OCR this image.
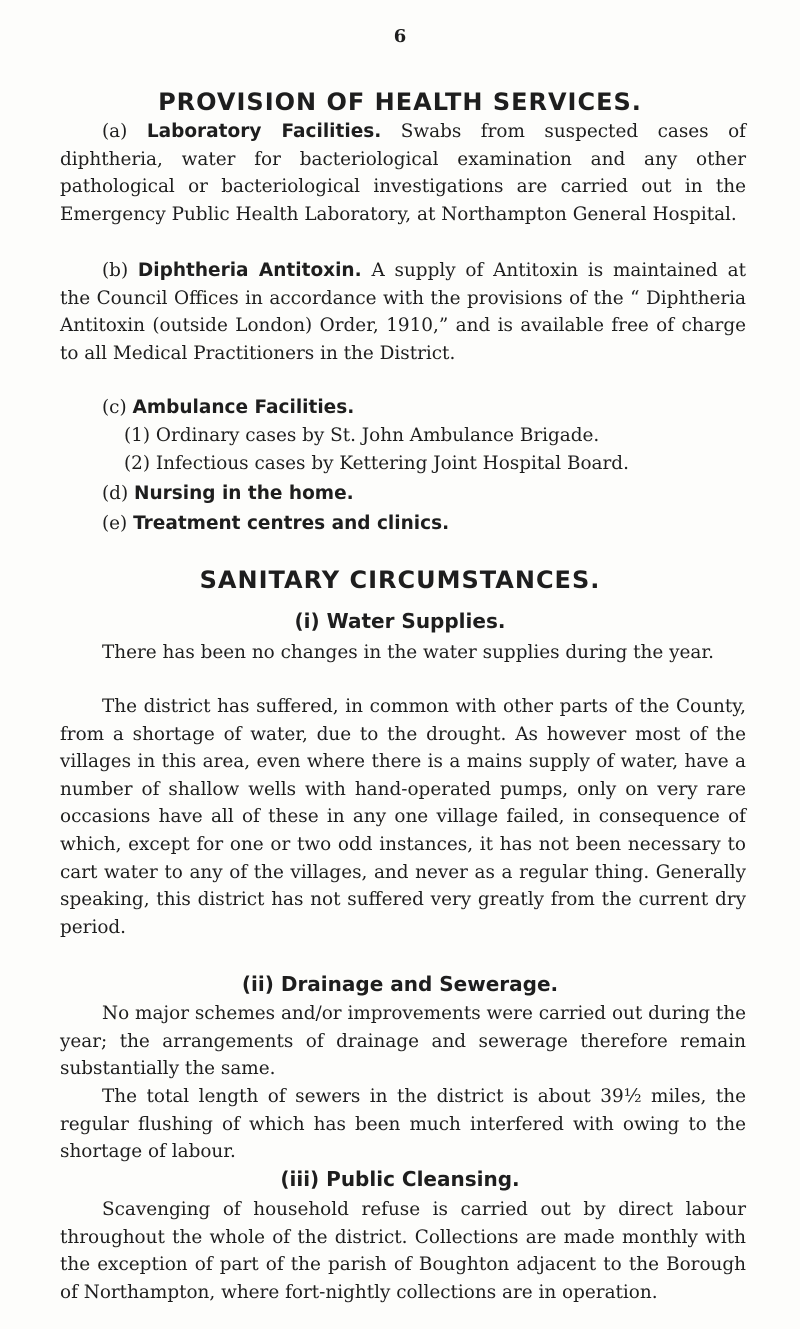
6
PROVISION OF HEALTH SERVICES.

(a) Laboratory Facilities. Swabs from suspected cases of diphtheria, water for bacteriological examination and any other pathological or bacteriological investigations are carried out in the Emergency Public Health Laboratory, at Northampton General Hospital.

(b) Diphtheria Antitoxin. A supply of Antitoxin is maintained at the Council Offices in accordance with the provisions of the “ Diphtheria Antitoxin (outside London) Order, 1910,” and is available free of charge to all Medical Practitioners in the District.

(c) Ambulance Facilities.
(1) Ordinary cases by St. John Ambulance Brigade.
(2) Infectious cases by Kettering Joint Hospital Board.
(d) Nursing in the home.
(e) Treatment centres and clinics.
SANITARY CIRCUMSTANCES.
(i) Water Supplies.

There has been no changes in the water supplies during the year.

The district has suffered, in common with other parts of the County, from a shortage of water, due to the drought. As however most of the villages in this area, even where there is a mains supply of water, have a number of shallow wells with hand-operated pumps, only on very rare occasions have all of these in any one village failed, in consequence of which, except for one or two odd instances, it has not been necessary to cart water to any of the villages, and never as a regular thing. Generally speaking, this district has not suffered very greatly from the current dry period.

(ii) Drainage and Sewerage.

No major schemes and/or improvements were carried out during the year; the arrangements of drainage and sewerage therefore remain substantially the same.

The total length of sewers in the district is about 39½ miles, the regular flushing of which has been much interfered with owing to the shortage of labour.

(iii) Public Cleansing.

Scavenging of household refuse is carried out by direct labour throughout the whole of the district. Collections are made monthly with the exception of part of the parish of Boughton adjacent to the Borough of Northampton, where fort-nightly collections are in operation.
